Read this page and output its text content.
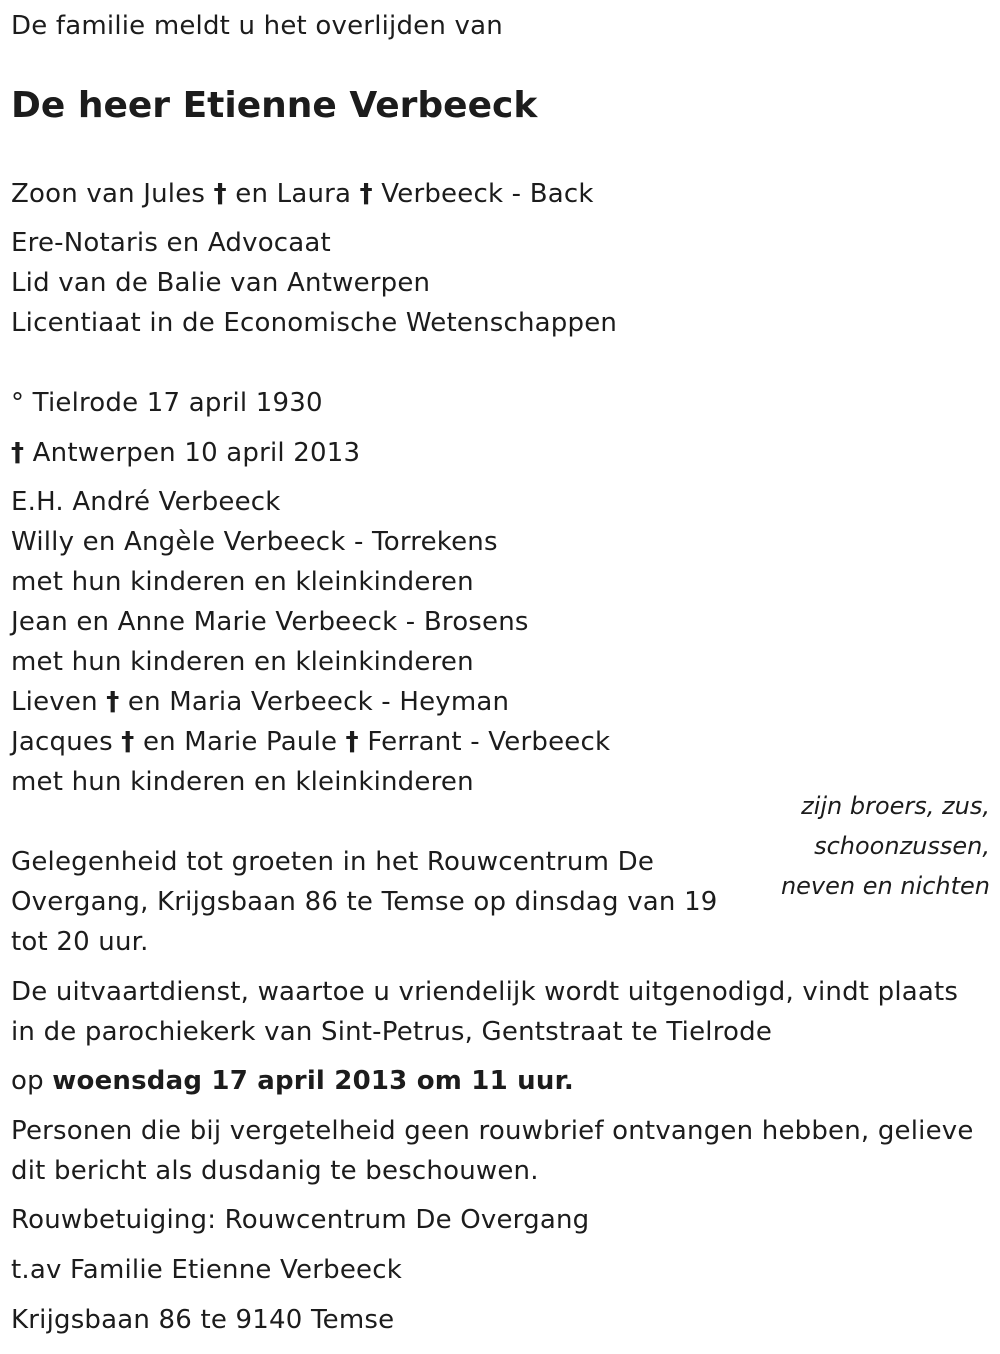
De familie meldt u het overlijden van
De heer Etienne Verbeeck
Zoon van Jules † en Laura † Verbeeck - Back
Ere-Notaris en Advocaat
Lid van de Balie van Antwerpen
Licentiaat in de Economische Wetenschappen
° Tielrode 17 april 1930
† Antwerpen 10 april 2013
E.H. André Verbeeck
Willy en Angèle Verbeeck - Torrekens
met hun kinderen en kleinkinderen
Jean en Anne Marie Verbeeck - Brosens
met hun kinderen en kleinkinderen
Lieven † en Maria Verbeeck - Heyman
Jacques † en Marie Paule † Ferrant - Verbeeck
met hun kinderen en kleinkinderen
zijn broers, zus,
schoonzussen,
neven en nichten
Gelegenheid tot groeten in het Rouwcentrum De Overgang, Krijgsbaan 86 te Temse op dinsdag van 19 tot 20 uur.
De uitvaartdienst, waartoe u vriendelijk wordt uitgenodigd, vindt plaats in de parochiekerk van Sint-Petrus, Gentstraat te Tielrode
op woensdag 17 april 2013 om 11 uur.
Personen die bij vergetelheid geen rouwbrief ontvangen hebben, gelieve dit bericht als dusdanig te beschouwen.
Rouwbetuiging: Rouwcentrum De Overgang
t.av Familie Etienne Verbeeck
Krijgsbaan 86 te 9140 Temse
